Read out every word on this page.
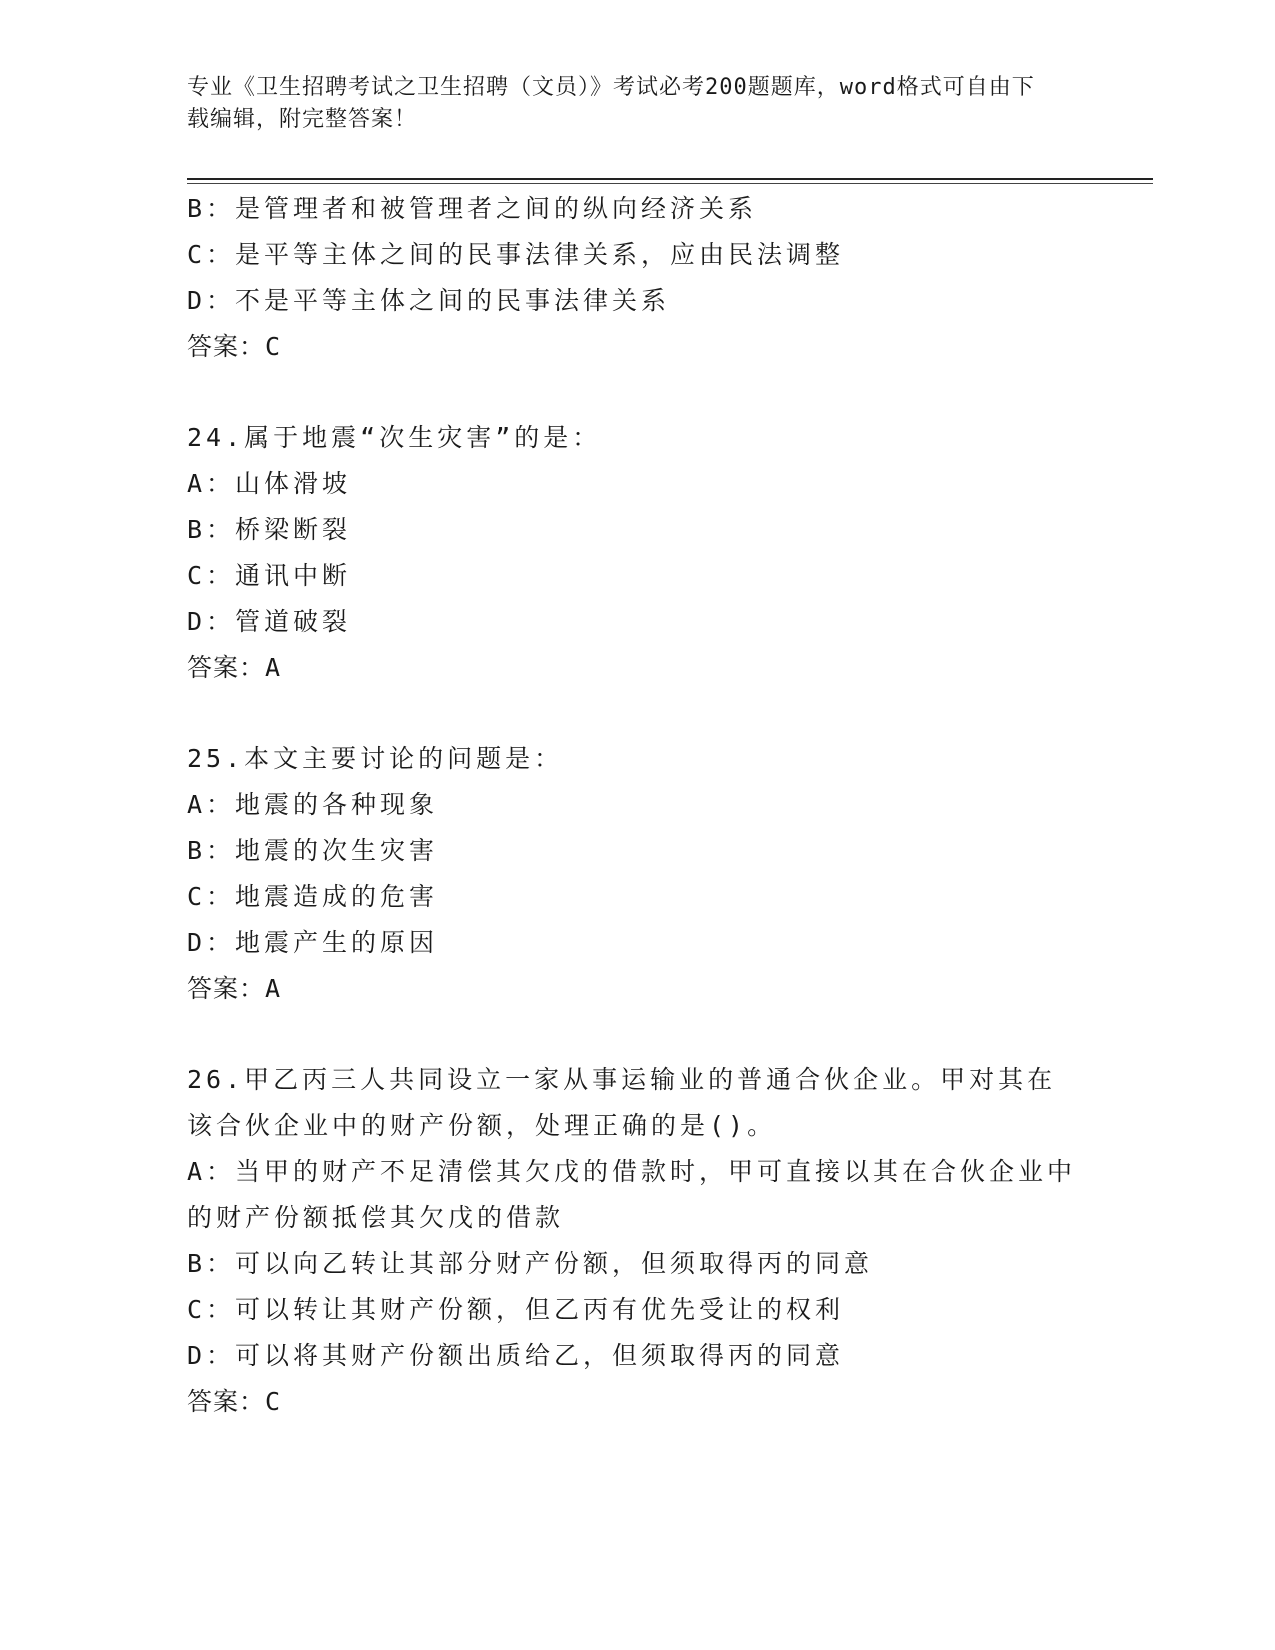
专业《卫生招聘考试之卫生招聘（文员）》考试必考200题题库，word格式可自由下载编辑，附完整答案！
B：是管理者和被管理者之间的纵向经济关系
C：是平等主体之间的民事法律关系，应由民法调整
D：不是平等主体之间的民事法律关系
答案：C
24.属于地震“次生灾害”的是：
A：山体滑坡
B：桥梁断裂
C：通讯中断
D：管道破裂
答案：A
25.本文主要讨论的问题是：
A：地震的各种现象
B：地震的次生灾害
C：地震造成的危害
D：地震产生的原因
答案：A
26.甲乙丙三人共同设立一家从事运输业的普通合伙企业。甲对其在该合伙企业中的财产份额，处理正确的是()。
A：当甲的财产不足清偿其欠戊的借款时，甲可直接以其在合伙企业中的财产份额抵偿其欠戊的借款
B：可以向乙转让其部分财产份额，但须取得丙的同意
C：可以转让其财产份额，但乙丙有优先受让的权利
D：可以将其财产份额出质给乙，但须取得丙的同意
答案：C
